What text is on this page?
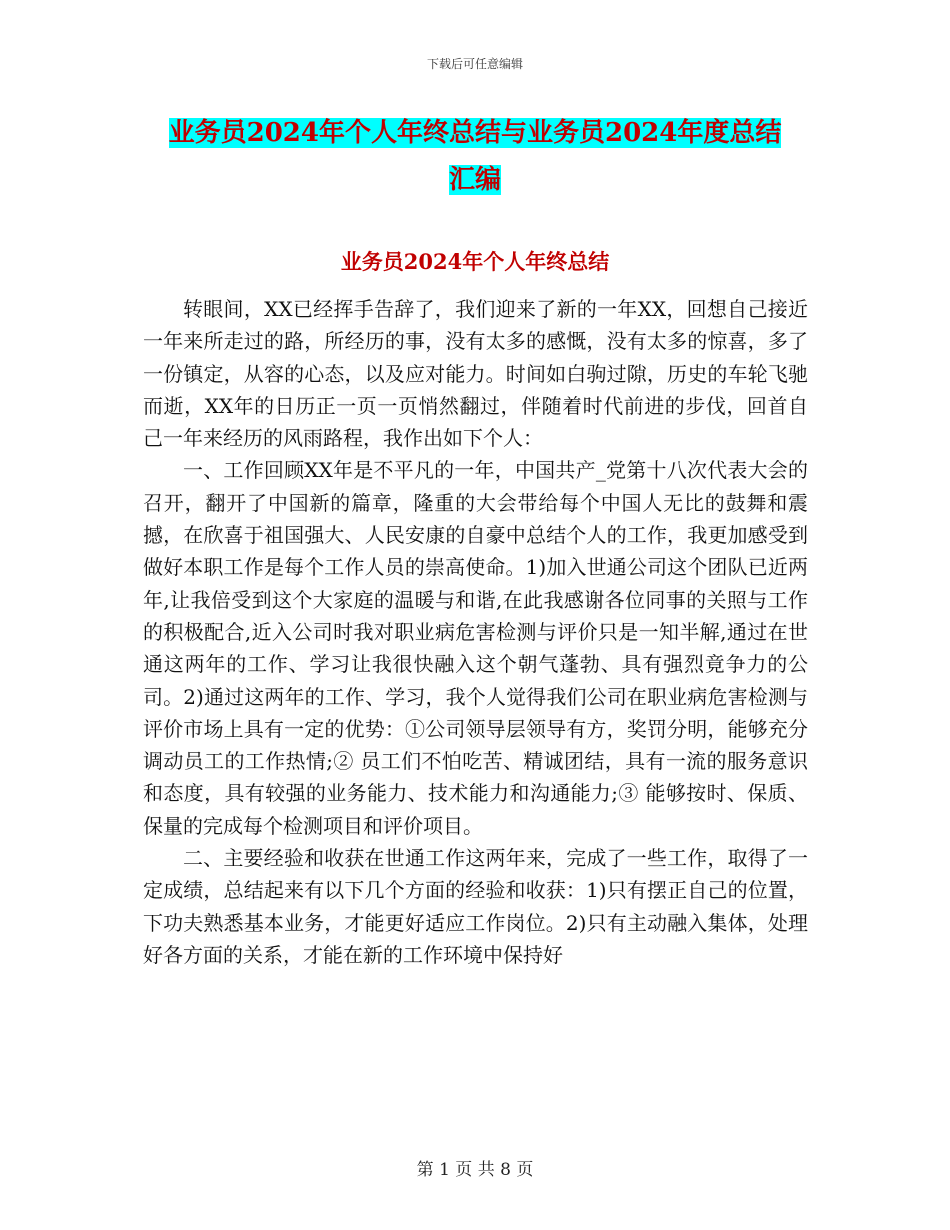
下载后可任意编辑
业务员2024年个人年终总结与业务员2024年度总结
汇编
业务员2024年个人年终总结

转眼间，XX已经挥手告辞了，我们迎来了新的一年XX，回想自己接近一年来所走过的路，所经历的事，没有太多的感慨，没有太多的惊喜，多了一份镇定，从容的心态，以及应对能力。时间如白驹过隙，历史的车轮飞驰而逝，XX年的日历正一页一页悄然翻过，伴随着时代前进的步伐，回首自己一年来经历的风雨路程，我作出如下个人：

一、工作回顾XX年是不平凡的一年，中国共产_党第十八次代表大会的召开，翻开了中国新的篇章，隆重的大会带给每个中国人无比的鼓舞和震撼，在欣喜于祖国强大、人民安康的自豪中总结个人的工作，我更加感受到做好本职工作是每个工作人员的崇高使命。1)加入世通公司这个团队已近两年,让我倍受到这个大家庭的温暖与和谐,在此我感谢各位同事的关照与工作的积极配合,近入公司时我对职业病危害检测与评价只是一知半解,通过在世通这两年的工作、学习让我很快融入这个朝气蓬勃、具有强烈竟争力的公司。2)通过这两年的工作、学习，我个人觉得我们公司在职业病危害检测与评价市场上具有一定的优势：①公司领导层领导有方，奖罚分明，能够充分调动员工的工作热情;② 员工们不怕吃苦、精诚团结，具有一流的服务意识和态度，具有较强的业务能力、技术能力和沟通能力;③ 能够按时、保质、保量的完成每个检测项目和评价项目。

二、主要经验和收获在世通工作这两年来，完成了一些工作，取得了一定成绩，总结起来有以下几个方面的经验和收获：1)只有摆正自己的位置，下功夫熟悉基本业务，才能更好适应工作岗位。2)只有主动融入集体，处理好各方面的关系，才能在新的工作环境中保持好

第 1 页 共 8 页
